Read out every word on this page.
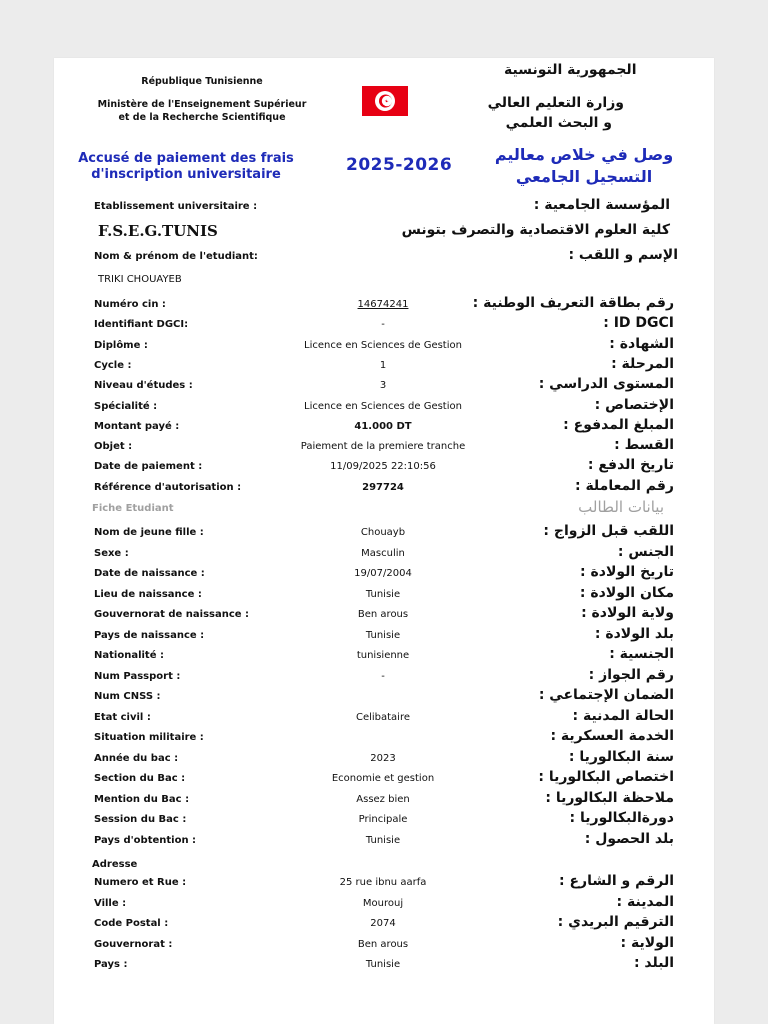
République Tunisienne
Ministère de l'Enseignement Supérieur
et de la Recherche Scientifique
الجمهورية التونسية
وزارة التعليم العالي
و البحث العلمي
Accusé de paiement des frais
d'inscription universitaire	2025-2026
وصل في خلاص معاليم
التسجيل الجامعي
Etablissement universitaire :	المؤسسة الجامعية :
F.S.E.G.TUNIS	كلية العلوم الاقتصادية والتصرف بتونس
Nom & prénom de l'etudiant:	الإسم و اللقب :
TRIKI CHOUAYEB
Numéro cin :	14674241	رقم بطاقة التعريف الوطنية :
Identifiant DGCI:	-	ID DGCI :
Diplôme :	Licence en Sciences de Gestion	الشهادة :
Cycle :	1	المرحلة :
Niveau d'études :	3	المستوى الدراسي :
Spécialité :	Licence en Sciences de Gestion	الإختصاص :
Montant payé :	41.000 DT	المبلغ المدفوع :
Objet :	Paiement de la premiere tranche	القسط :
Date de paiement :	11/09/2025 22:10:56	تاريخ الدفع :
Référence d'autorisation :	297724	رقم المعاملة :
Fiche Etudiant	بيانات الطالب
Nom de jeune fille :	Chouayb	اللقب قبل الزواج :
Sexe :	Masculin	الجنس :
Date de naissance :	19/07/2004	تاريخ الولادة :
Lieu de naissance :	Tunisie	مكان الولادة :
Gouvernorat de naissance :	Ben arous	ولاية الولادة :
Pays de naissance :	Tunisie	بلد الولادة :
Nationalité :	tunisienne	الجنسية :
Num Passport :	-	رقم الجواز :
Num CNSS :	الضمان الإجتماعي :
Etat civil :	Celibataire	الحالة المدنية :
Situation militaire :	الخدمة العسكرية :
Année du bac :	2023	سنة البكالوريا :
Section du Bac :	Economie et gestion	اختصاص البكالوريا :
Mention du Bac :	Assez bien	ملاحظة البكالوريا :
Session du Bac :	Principale	دورةالبكالوريا :
Pays d'obtention :	Tunisie	بلد الحصول :
Adresse
Numero et Rue :	25 rue ibnu aarfa	الرقم و الشارع :
Ville :	Mourouj	المدينة :
Code Postal :	2074	الترقيم البريدي :
Gouvernorat :	Ben arous	الولاية :
Pays :	Tunisie	البلد :
